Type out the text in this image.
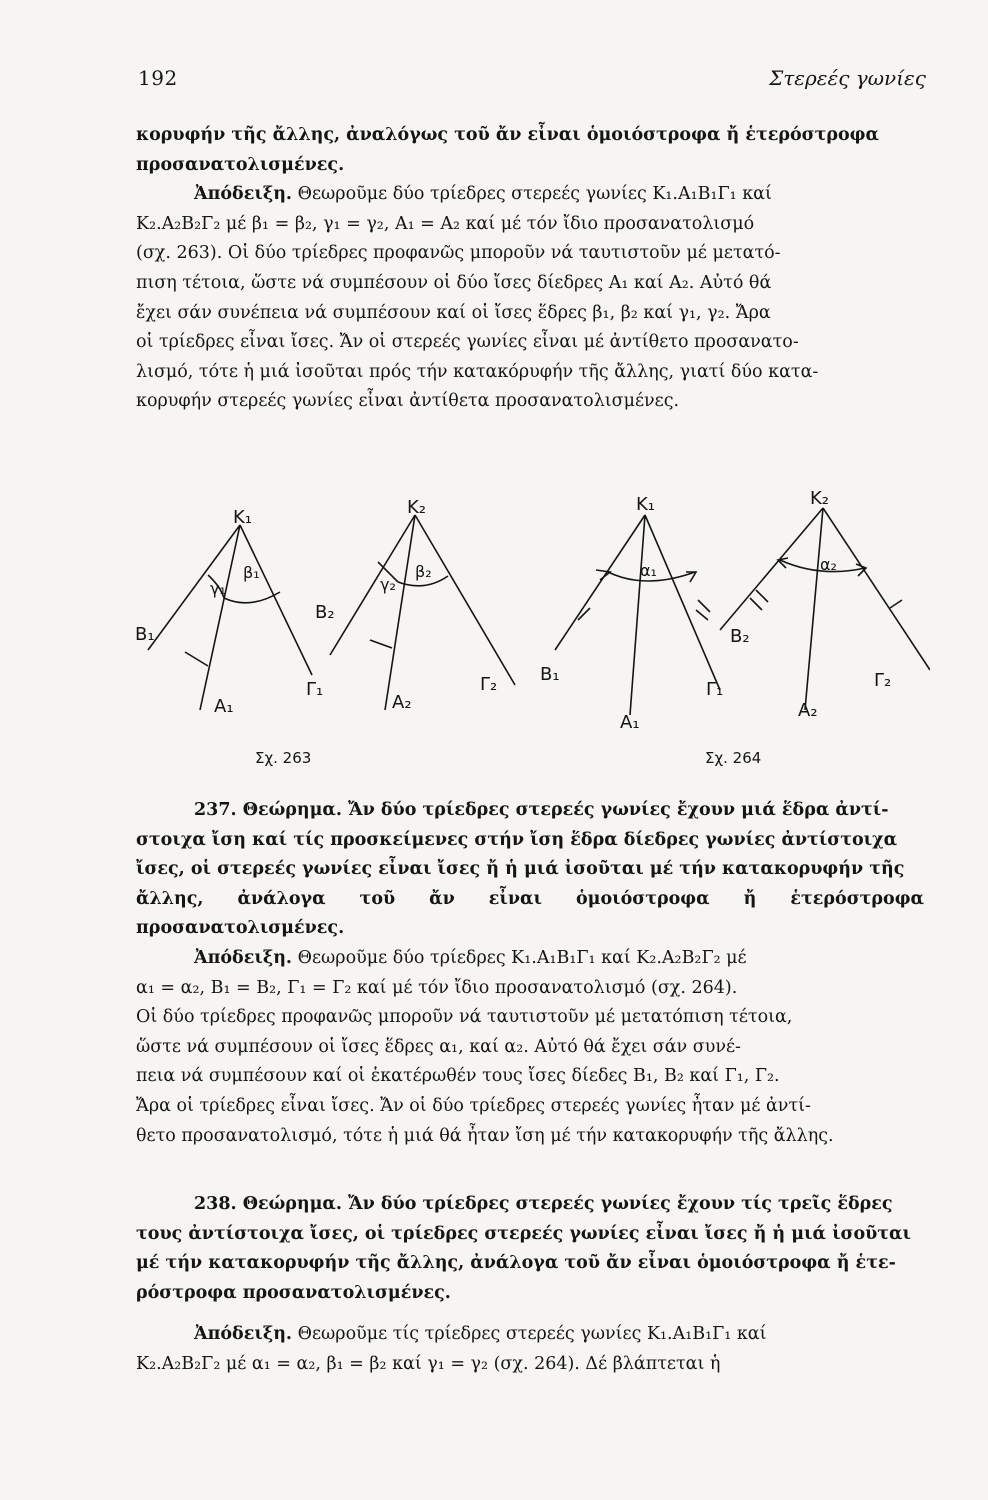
192	Στερεές γωνίες

κορυφήν τῆς ἄλλης, ἀναλόγως τοῦ ἄν εἶναι ὁμοιόστροφα ἤ ἑτερόστροφα

προσανατολισμένες.

Ἀπόδειξη. Θεωροῦμε δύο τρίεδρες στερεές γωνίες K₁.A₁B₁Γ₁ καί

K₂.A₂B₂Γ₂ μέ β₁ = β₂, γ₁ = γ₂, A₁ = A₂ καί μέ τόν ἴδιο προσανατολισμό

(σχ. 263). Οἱ δύο τρίεδρες προφανῶς μποροῦν νά ταυτιστοῦν μέ μετατό-

πιση τέτοια, ὥστε νά συμπέσουν οἱ δύο ἴσες δίεδρες A₁ καί A₂. Αὐτό θά

ἔχει σάν συνέπεια νά συμπέσουν καί οἱ ἴσες ἕδρες β₁, β₂ καί γ₁, γ₂. Ἄρα

οἱ τρίεδρες εἶναι ἴσες. Ἄν οἱ στερεές γωνίες εἶναι μέ ἀντίθετο προσανατο-

λισμό, τότε ἡ μιά ἰσοῦται πρός τήν κατακόρυφήν τῆς ἄλλης, γιατί δύο κατα-

κορυφήν στερεές γωνίες εἶναι ἀντίθετα προσανατολισμένες.

K₁
β₁
γ₁
B₁
A₁
Γ₁
K₂
β₂
γ₂
B₂
A₂
Γ₂
Σχ. 263
K₁
α₁
B₁
A₁
Γ₁
K₂
α₂
B₂
A₂
Γ₂
Σχ. 264

237. Θεώρημα. Ἄν δύο τρίεδρες στερεές γωνίες ἔχουν μιά ἕδρα ἀντί-

στοιχα ἴση καί τίς προσκείμενες στήν ἴση ἕδρα δίεδρες γωνίες ἀντίστοιχα

ἴσες, οἱ στερεές γωνίες εἶναι ἴσες ἤ ἡ μιά ἰσοῦται μέ τήν κατακορυφήν τῆς

ἄλλης, ἀνάλογα τοῦ ἄν εἶναι ὁμοιόστροφα ἤ ἑτερόστροφα προσανατολισμένες.

Ἀπόδειξη. Θεωροῦμε δύο τρίεδρες K₁.A₁B₁Γ₁ καί K₂.A₂B₂Γ₂ μέ

α₁ = α₂, B₁ = B₂, Γ₁ = Γ₂ καί μέ τόν ἴδιο προσανατολισμό (σχ. 264).

Οἱ δύο τρίεδρες προφανῶς μποροῦν νά ταυτιστοῦν μέ μετατόπιση τέτοια,

ὥστε νά συμπέσουν οἱ ἴσες ἕδρες α₁, καί α₂. Αὐτό θά ἔχει σάν συνέ-

πεια νά συμπέσουν καί οἱ ἑκατέρωθέν τους ἴσες δίεδες B₁, B₂ καί Γ₁, Γ₂.

Ἄρα οἱ τρίεδρες εἶναι ἴσες. Ἄν οἱ δύο τρίεδρες στερεές γωνίες ἦταν μέ ἀντί-

θετο προσανατολισμό, τότε ἡ μιά θά ἦταν ἴση μέ τήν κατακορυφήν τῆς ἄλλης.

238. Θεώρημα. Ἄν δύο τρίεδρες στερεές γωνίες ἔχουν τίς τρεῖς ἕδρες

τους ἀντίστοιχα ἴσες, οἱ τρίεδρες στερεές γωνίες εἶναι ἴσες ἤ ἡ μιά ἰσοῦται

μέ τήν κατακορυφήν τῆς ἄλλης, ἀνάλογα τοῦ ἄν εἶναι ὁμοιόστροφα ἤ ἑτε-

ρόστροφα προσανατολισμένες.

Ἀπόδειξη. Θεωροῦμε τίς τρίεδρες στερεές γωνίες K₁.A₁B₁Γ₁ καί

K₂.A₂B₂Γ₂ μέ α₁ = α₂, β₁ = β₂ καί γ₁ = γ₂ (σχ. 264). Δέ βλάπτεται ἡ
